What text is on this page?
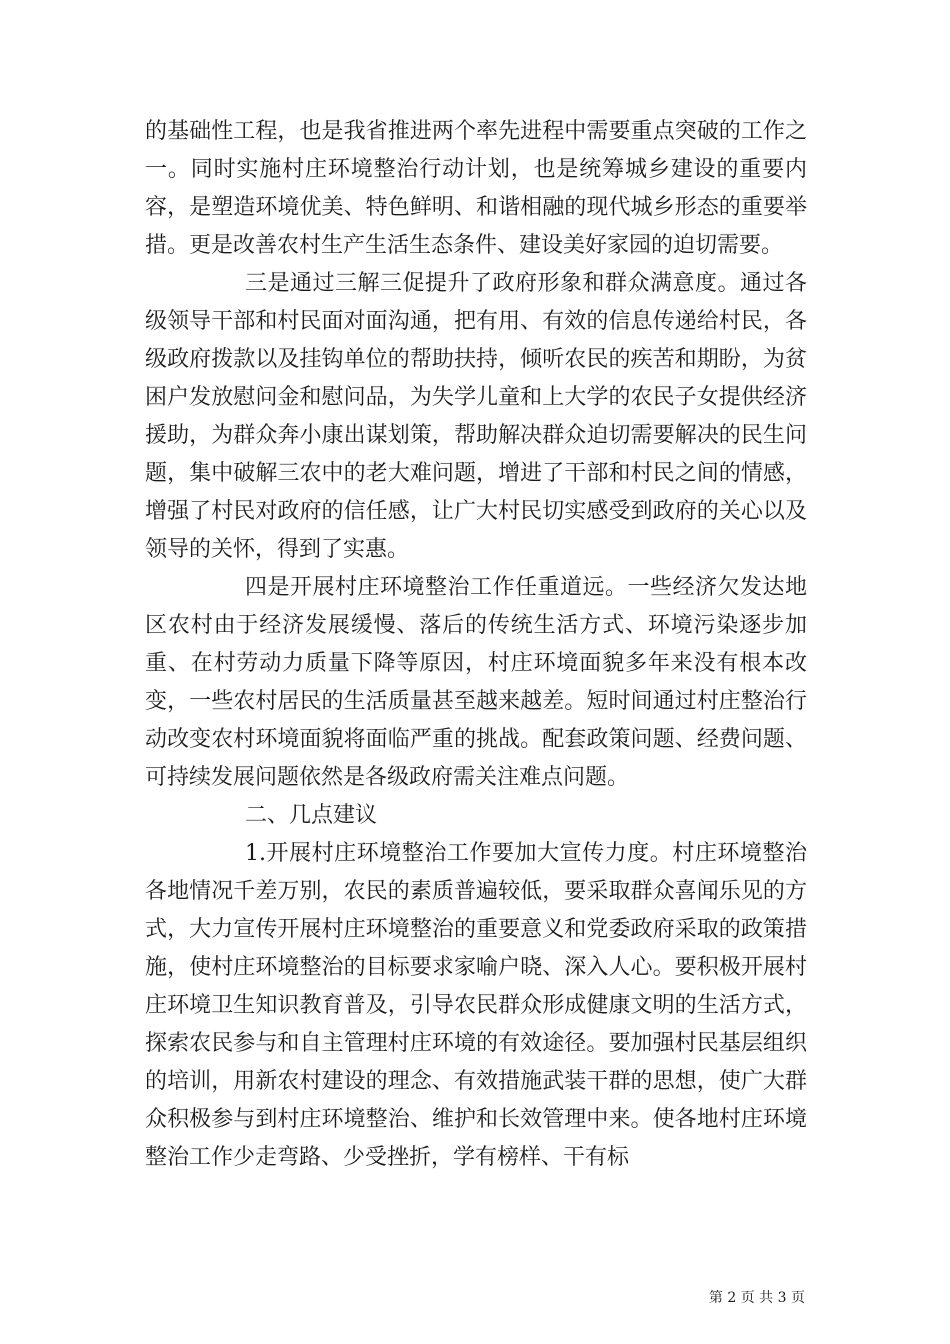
的基础性工程，也是我省推进两个率先进程中需要重点突破的工作之一。同时实施村庄环境整治行动计划，也是统筹城乡建设的重要内容，是塑造环境优美、特色鲜明、和谐相融的现代城乡形态的重要举措。更是改善农村生产生活生态条件、建设美好家园的迫切需要。

三是通过三解三促提升了政府形象和群众满意度。通过各级领导干部和村民面对面沟通，把有用、有效的信息传递给村民，各级政府拨款以及挂钩单位的帮助扶持，倾听农民的疾苦和期盼，为贫困户发放慰问金和慰问品，为失学儿童和上大学的农民子女提供经济援助，为群众奔小康出谋划策，帮助解决群众迫切需要解决的民生问题，集中破解三农中的老大难问题，增进了干部和村民之间的情感，增强了村民对政府的信任感，让广大村民切实感受到政府的关心以及领导的关怀，得到了实惠。

四是开展村庄环境整治工作任重道远。一些经济欠发达地区农村由于经济发展缓慢、落后的传统生活方式、环境污染逐步加重、在村劳动力质量下降等原因，村庄环境面貌多年来没有根本改变，一些农村居民的生活质量甚至越来越差。短时间通过村庄整治行动改变农村环境面貌将面临严重的挑战。配套政策问题、经费问题、可持续发展问题依然是各级政府需关注难点问题。

二、几点建议

1.开展村庄环境整治工作要加大宣传力度。村庄环境整治各地情况千差万别，农民的素质普遍较低，要采取群众喜闻乐见的方式，大力宣传开展村庄环境整治的重要意义和党委政府采取的政策措施，使村庄环境整治的目标要求家喻户晓、深入人心。要积极开展村庄环境卫生知识教育普及，引导农民群众形成健康文明的生活方式，探索农民参与和自主管理村庄环境的有效途径。要加强村民基层组织的培训，用新农村建设的理念、有效措施武装干群的思想，使广大群众积极参与到村庄环境整治、维护和长效管理中来。使各地村庄环境整治工作少走弯路、少受挫折，学有榜样、干有标

第 2 页 共 3 页
